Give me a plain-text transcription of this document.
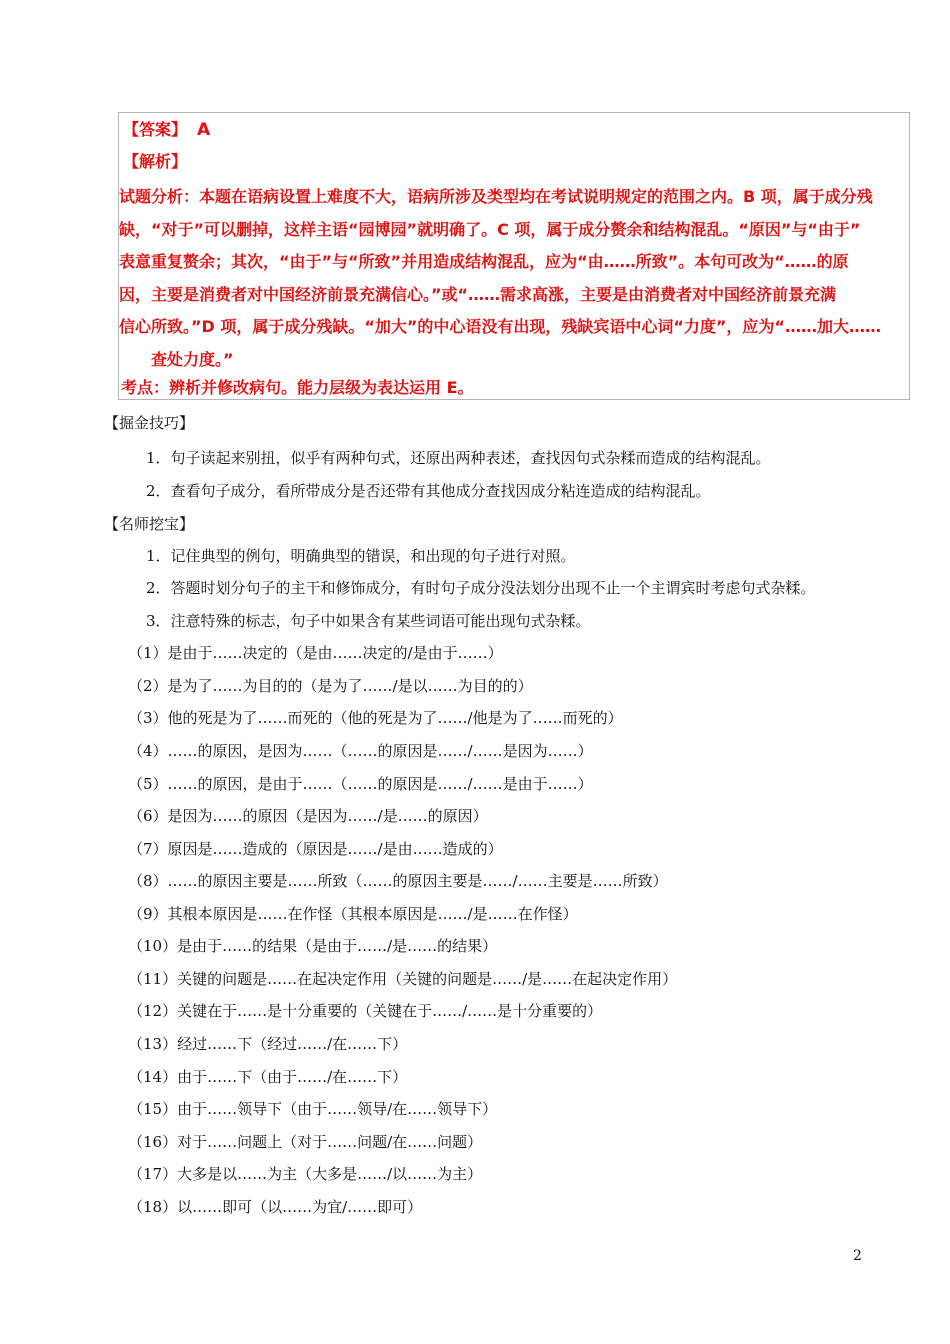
【答案】 A
【解析】

试题分析：本题在语病设置上难度不大，语病所涉及类型均在考试说明规定的范围之内。B 项，属于成分残
缺，“对于”可以删掉，这样主语“园博园”就明确了。C 项，属于成分赘余和结构混乱。“原因”与“由于”
表意重复赘余；其次，“由于”与“所致”并用造成结构混乱，应为“由……所致”。本句可改为“……的原
因，主要是消费者对中国经济前景充满信心。”或“……需求高涨，主要是由消费者对中国经济前景充满
信心所致。”D 项，属于成分残缺。“加大”的中心语没有出现，残缺宾语中心词“力度”，应为“……加大……
查处力度。”

考点：辨析并修改病句。能力层级为表达运用 E。
【掘金技巧】
1．句子读起来别扭，似乎有两种句式，还原出两种表述，查找因句式杂糅而造成的结构混乱。
2．查看句子成分，看所带成分是否还带有其他成分查找因成分粘连造成的结构混乱。
【名师挖宝】
1．记住典型的例句，明确典型的错误，和出现的句子进行对照。
2．答题时划分句子的主干和修饰成分，有时句子成分没法划分出现不止一个主谓宾时考虑句式杂糅。
3．注意特殊的标志，句子中如果含有某些词语可能出现句式杂糅。
（1）是由于……决定的（是由……决定的/是由于……）
（2）是为了……为目的的（是为了……/是以……为目的的）
（3）他的死是为了……而死的（他的死是为了……/他是为了……而死的）
（4）……的原因，是因为……（……的原因是……/……是因为……）
（5）……的原因，是由于……（……的原因是……/……是由于……）
（6）是因为……的原因（是因为……/是……的原因）
（7）原因是……造成的（原因是……/是由……造成的）
（8）……的原因主要是……所致（……的原因主要是……/……主要是……所致）
（9）其根本原因是……在作怪（其根本原因是……/是……在作怪）
（10）是由于……的结果（是由于……/是……的结果）
（11）关键的问题是……在起决定作用（关键的问题是……/是……在起决定作用）
（12）关键在于……是十分重要的（关键在于……/……是十分重要的）
（13）经过……下（经过……/在……下）
（14）由于……下（由于……/在……下）
（15）由于……领导下（由于……领导/在……领导下）
（16）对于……问题上（对于……问题/在……问题）
（17）大多是以……为主（大多是……/以……为主）
（18）以……即可（以……为宜/……即可）
2
